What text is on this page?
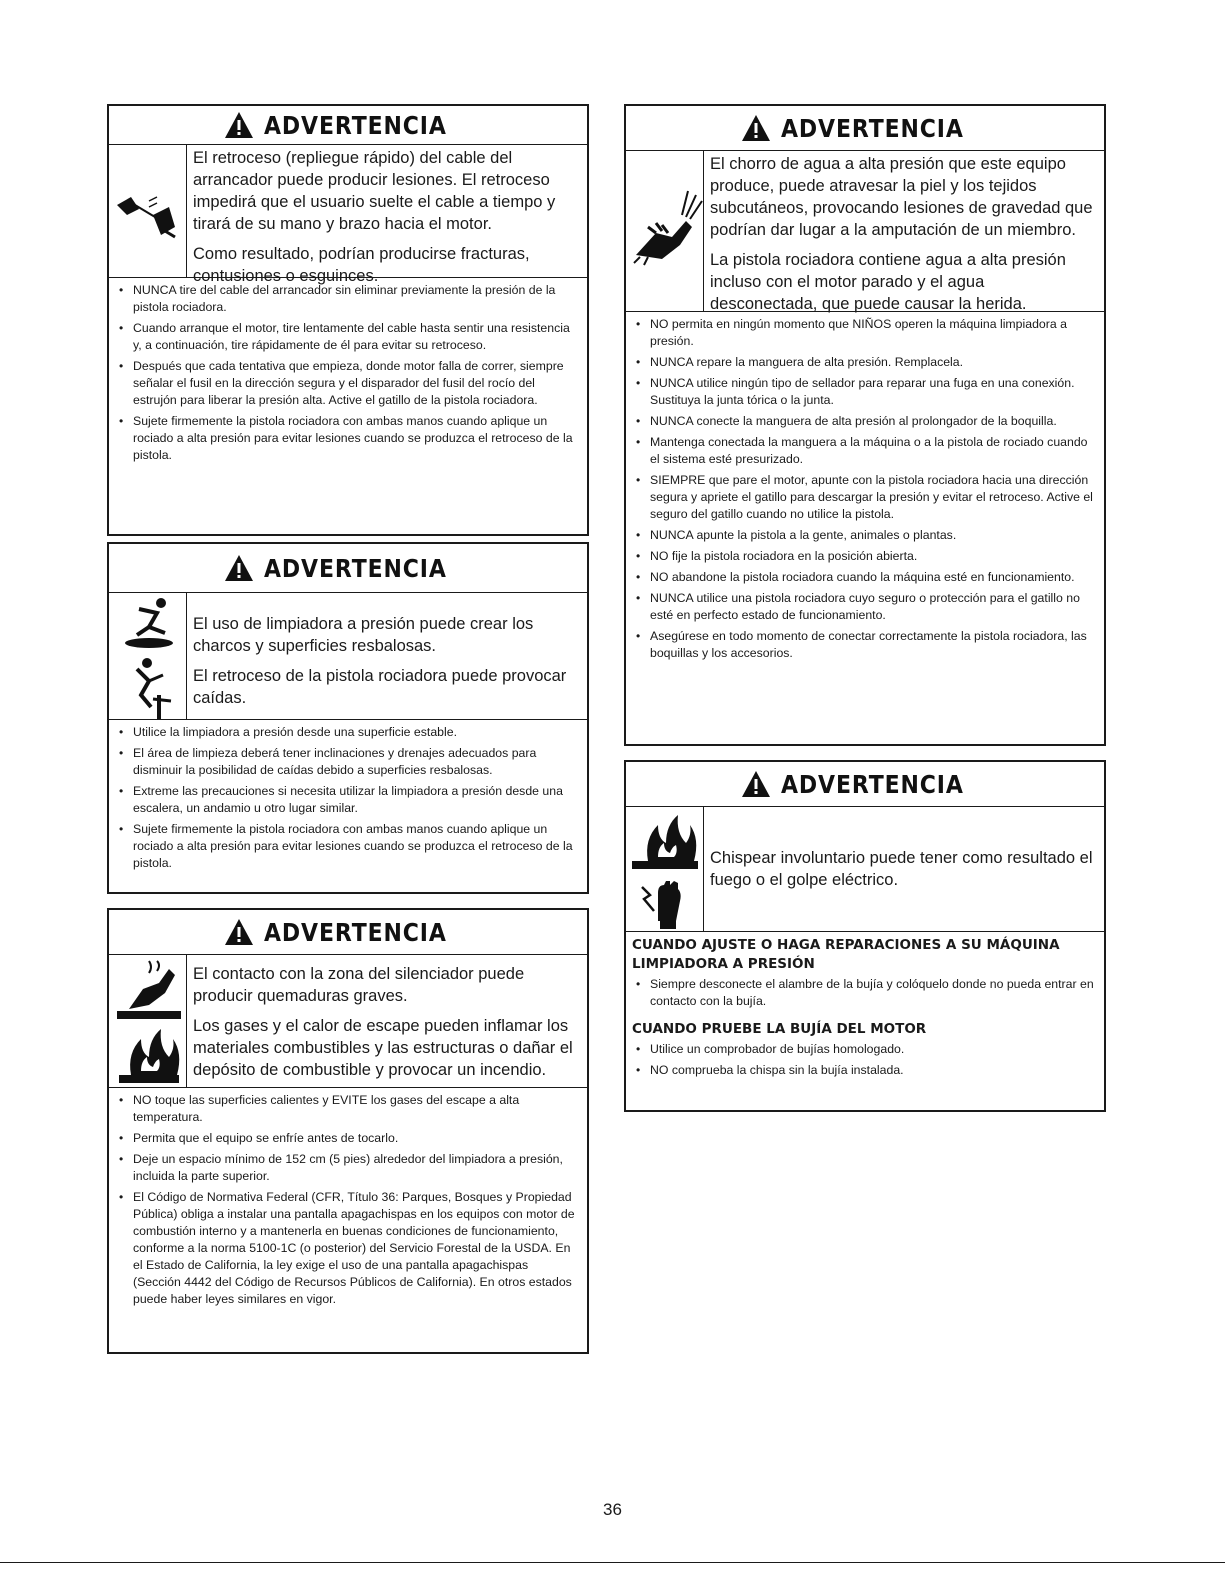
ADVERTENCIA

El retroceso (repliegue rápido) del cable del arrancador puede producir lesiones. El retroceso impedirá que el usuario suelte el cable a tiempo y tirará de su mano y brazo hacia el motor.

Como resultado, podrían producirse fracturas, contusiones o esguinces.

• NUNCA tire del cable del arrancador sin eliminar previamente la presión de la pistola rociadora.
• Cuando arranque el motor, tire lentamente del cable hasta sentir una resistencia y, a continuación, tire rápidamente de él para evitar su retroceso.
• Después que cada tentativa que empieza, donde motor falla de correr, siempre señalar el fusil en la dirección segura y el disparador del fusil del rocío del estrujón para liberar la presión alta. Active el gatillo de la pistola rociadora.
• Sujete firmemente la pistola rociadora con ambas manos cuando aplique un rociado a alta presión para evitar lesiones cuando se produzca el retroceso de la pistola.
ADVERTENCIA

El uso de limpiadora a presión puede crear los charcos y superficies resbalosas.

El retroceso de la pistola rociadora puede provocar caídas.

• Utilice la limpiadora a presión desde una superficie estable.
• El área de limpieza deberá tener inclinaciones y drenajes adecuados para disminuir la posibilidad de caídas debido a superficies resbalosas.
• Extreme las precauciones si necesita utilizar la limpiadora a presión desde una escalera, un andamio u otro lugar similar.
• Sujete firmemente la pistola rociadora con ambas manos cuando aplique un rociado a alta presión para evitar lesiones cuando se produzca el retroceso de la pistola.
ADVERTENCIA

El contacto con la zona del silenciador puede producir quemaduras graves.

Los gases y el calor de escape pueden inflamar los materiales combustibles y las estructuras o dañar el depósito de combustible y provocar un incendio.

• NO toque las superficies calientes y EVITE los gases del escape a alta temperatura.
• Permita que el equipo se enfríe antes de tocarlo.
• Deje un espacio mínimo de 152 cm (5 pies) alrededor del limpiadora a presión, incluida la parte superior.
• El Código de Normativa Federal (CFR, Título 36: Parques, Bosques y Propiedad Pública) obliga a instalar una pantalla apagachispas en los equipos con motor de combustión interno y a mantenerla en buenas condiciones de funcionamiento, conforme a la norma 5100-1C (o posterior) del Servicio Forestal de la USDA. En el Estado de California, la ley exige el uso de una pantalla apagachispas (Sección 4442 del Código de Recursos Públicos de California). En otros estados puede haber leyes similares en vigor.
ADVERTENCIA

El chorro de agua a alta presión que este equipo produce, puede atravesar la piel y los tejidos subcutáneos, provocando lesiones de gravedad que podrían dar lugar a la amputación de un miembro.

La pistola rociadora contiene agua a alta presión incluso con el motor parado y el agua desconectada, que puede causar la herida.

• NO permita en ningún momento que NIÑOS operen la máquina limpiadora a presión.
• NUNCA repare la manguera de alta presión. Remplacela.
• NUNCA utilice ningún tipo de sellador para reparar una fuga en una conexión. Sustituya la junta tórica o la junta.
• NUNCA conecte la manguera de alta presión al prolongador de la boquilla.
• Mantenga conectada la manguera a la máquina o a la pistola de rociado cuando el sistema esté presurizado.
• SIEMPRE que pare el motor, apunte con la pistola rociadora hacia una dirección segura y apriete el gatillo para descargar la presión y evitar el retroceso. Active el seguro del gatillo cuando no utilice la pistola.
• NUNCA apunte la pistola a la gente, animales o plantas.
• NO fije la pistola rociadora en la posición abierta.
• NO abandone la pistola rociadora cuando la máquina esté en funcionamiento.
• NUNCA utilice una pistola rociadora cuyo seguro o protección para el gatillo no esté en perfecto estado de funcionamiento.
• Asegúrese en todo momento de conectar correctamente la pistola rociadora, las boquillas y los accesorios.
ADVERTENCIA

Chispear involuntario puede tener como resultado el fuego o el golpe eléctrico.

CUANDO AJUSTE O HAGA REPARACIONES A SU MÁQUINA LIMPIADORA A PRESIÓN
• Siempre desconecte el alambre de la bujía y colóquelo donde no pueda entrar en contacto con la bujía.
CUANDO PRUEBE LA BUJÍA DEL MOTOR
• Utilice un comprobador de bujías homologado.
• NO comprueba la chispa sin la bujía instalada.
36
